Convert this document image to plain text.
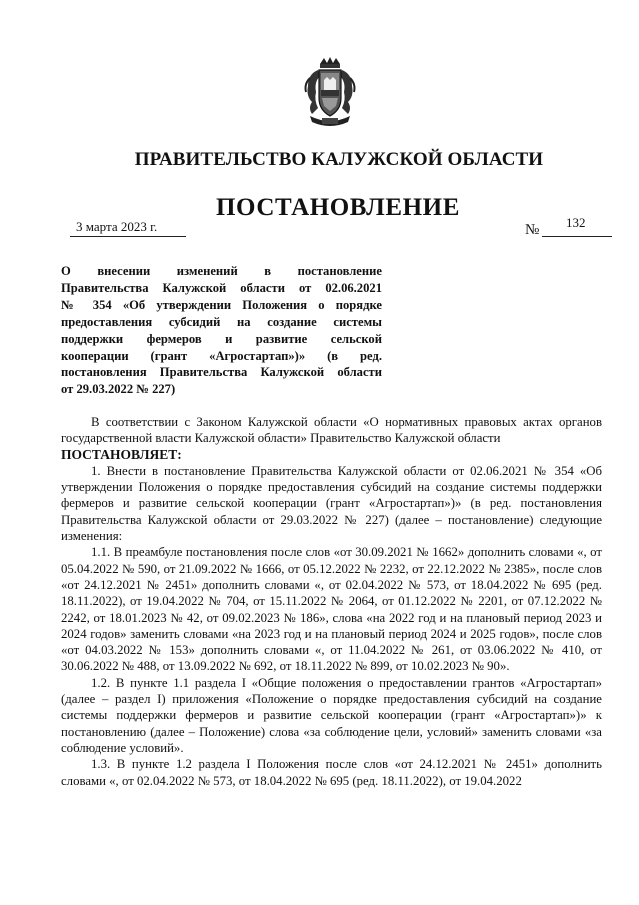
ПРАВИТЕЛЬСТВО КАЛУЖСКОЙ ОБЛАСТИ
ПОСТАНОВЛЕНИЕ
3 марта 2023 г.	№ 132
О внесении изменений в постановление
Правительства Калужской области от 02.06.2021
№ 354 «Об утверждении Положения о порядке
предоставления субсидий на создание системы
поддержки фермеров и развитие сельской
кооперации (грант «Агростартап»)» (в ред.
постановления Правительства Калужской области
от 29.03.2022 № 227)

В соответствии с Законом Калужской области «О нормативных правовых актах органов государственной власти Калужской области» Правительство Калужской области

ПОСТАНОВЛЯЕТ:

1. Внести в постановление Правительства Калужской области от 02.06.2021 № 354 «Об утверждении Положения о порядке предоставления субсидий на создание системы поддержки фермеров и развитие сельской кооперации (грант «Агростартап»)» (в ред. постановления Правительства Калужской области от 29.03.2022 № 227) (далее – постановление) следующие изменения:

1.1. В преамбуле постановления после слов «от 30.09.2021 № 1662» дополнить словами «, от 05.04.2022 № 590, от 21.09.2022 № 1666, от 05.12.2022 № 2232, от 22.12.2022 № 2385», после слов «от 24.12.2021 № 2451» дополнить словами «, от 02.04.2022 № 573, от 18.04.2022 № 695 (ред. 18.11.2022), от 19.04.2022 № 704, от 15.11.2022 № 2064, от 01.12.2022 № 2201, от 07.12.2022 № 2242, от 18.01.2023 № 42, от 09.02.2023 № 186», слова «на 2022 год и на плановый период 2023 и 2024 годов» заменить словами «на 2023 год и на плановый период 2024 и 2025 годов», после слов «от 04.03.2022 № 153» дополнить словами «, от 11.04.2022 № 261, от 03.06.2022 № 410, от 30.06.2022 № 488, от 13.09.2022 № 692, от 18.11.2022 № 899, от 10.02.2023 № 90».

1.2. В пункте 1.1 раздела I «Общие положения о предоставлении грантов «Агростартап» (далее – раздел I) приложения «Положение о порядке предоставления субсидий на создание системы поддержки фермеров и развитие сельской кооперации (грант «Агростартап»)» к постановлению (далее – Положение) слова «за соблюдение цели, условий» заменить словами «за соблюдение условий».

1.3. В пункте 1.2 раздела I Положения после слов «от 24.12.2021 № 2451» дополнить словами «, от 02.04.2022 № 573, от 18.04.2022 № 695 (ред. 18.11.2022), от 19.04.2022
